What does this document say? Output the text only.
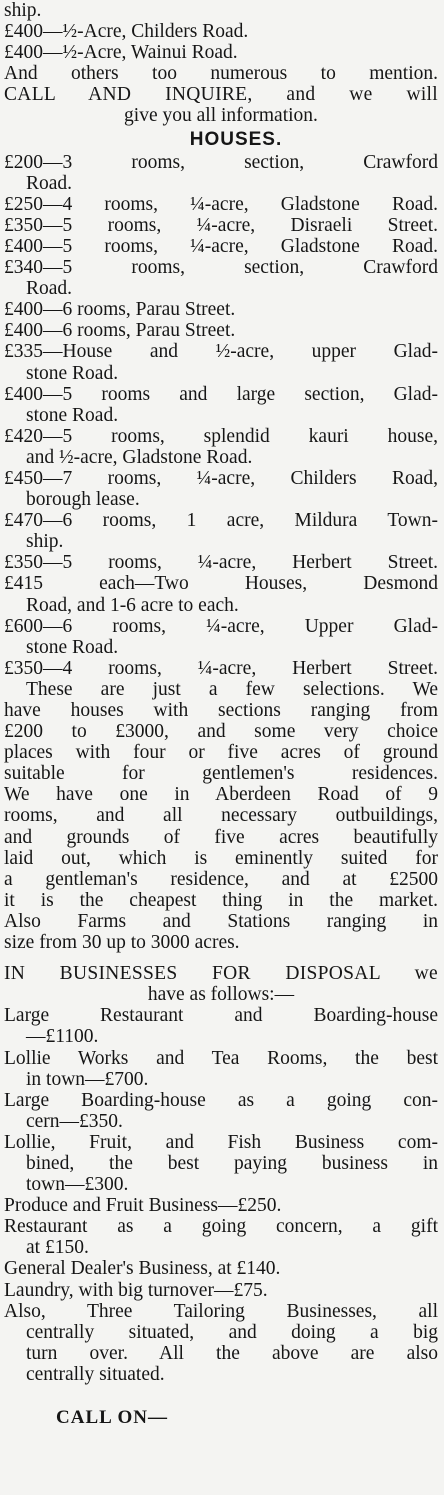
ship.
£400—½-Acre, Childers Road.
£400—½-Acre, Wainui Road.
And others too numerous to mention.
CALL AND INQUIRE, and we will
give you all information.
HOUSES.
£200—3 rooms, section, Crawford
Road.
£250—4 rooms, ¼-acre, Gladstone Road.
£350—5 rooms, ¼-acre, Disraeli Street.
£400—5 rooms, ¼-acre, Gladstone Road.
£340—5 rooms, section, Crawford
Road.
£400—6 rooms, Parau Street.
£400—6 rooms, Parau Street.
£335—House and ½-acre, upper Glad-
stone Road.
£400—5 rooms and large section, Glad-
stone Road.
£420—5 rooms, splendid kauri house,
and ½-acre, Gladstone Road.
£450—7 rooms, ¼-acre, Childers Road,
borough lease.
£470—6 rooms, 1 acre, Mildura Town-
ship.
£350—5 rooms, ¼-acre, Herbert Street.
£415 each—Two Houses, Desmond
Road, and 1-6 acre to each.
£600—6 rooms, ¼-acre, Upper Glad-
stone Road.
£350—4 rooms, ¼-acre, Herbert Street.
These are just a few selections. We
have houses with sections ranging from
£200 to £3000, and some very choice
places with four or five acres of ground
suitable for gentlemen's residences.
We have one in Aberdeen Road of 9
rooms, and all necessary outbuildings,
and grounds of five acres beautifully
laid out, which is eminently suited for
a gentleman's residence, and at £2500
it is the cheapest thing in the market.
Also Farms and Stations ranging in
size from 30 up to 3000 acres.
IN BUSINESSES FOR DISPOSAL we
have as follows:—
Large Restaurant and Boarding-house
—£1100.
Lollie Works and Tea Rooms, the best
in town—£700.
Large Boarding-house as a going con-
cern—£350.
Lollie, Fruit, and Fish Business com-
bined, the best paying business in
town—£300.
Produce and Fruit Business—£250.
Restaurant as a going concern, a gift
at £150.
General Dealer's Business, at £140.
Laundry, with big turnover—£75.
Also, Three Tailoring Businesses, all
centrally situated, and doing a big
turn over. All the above are also
centrally situated.
CALL ON—
